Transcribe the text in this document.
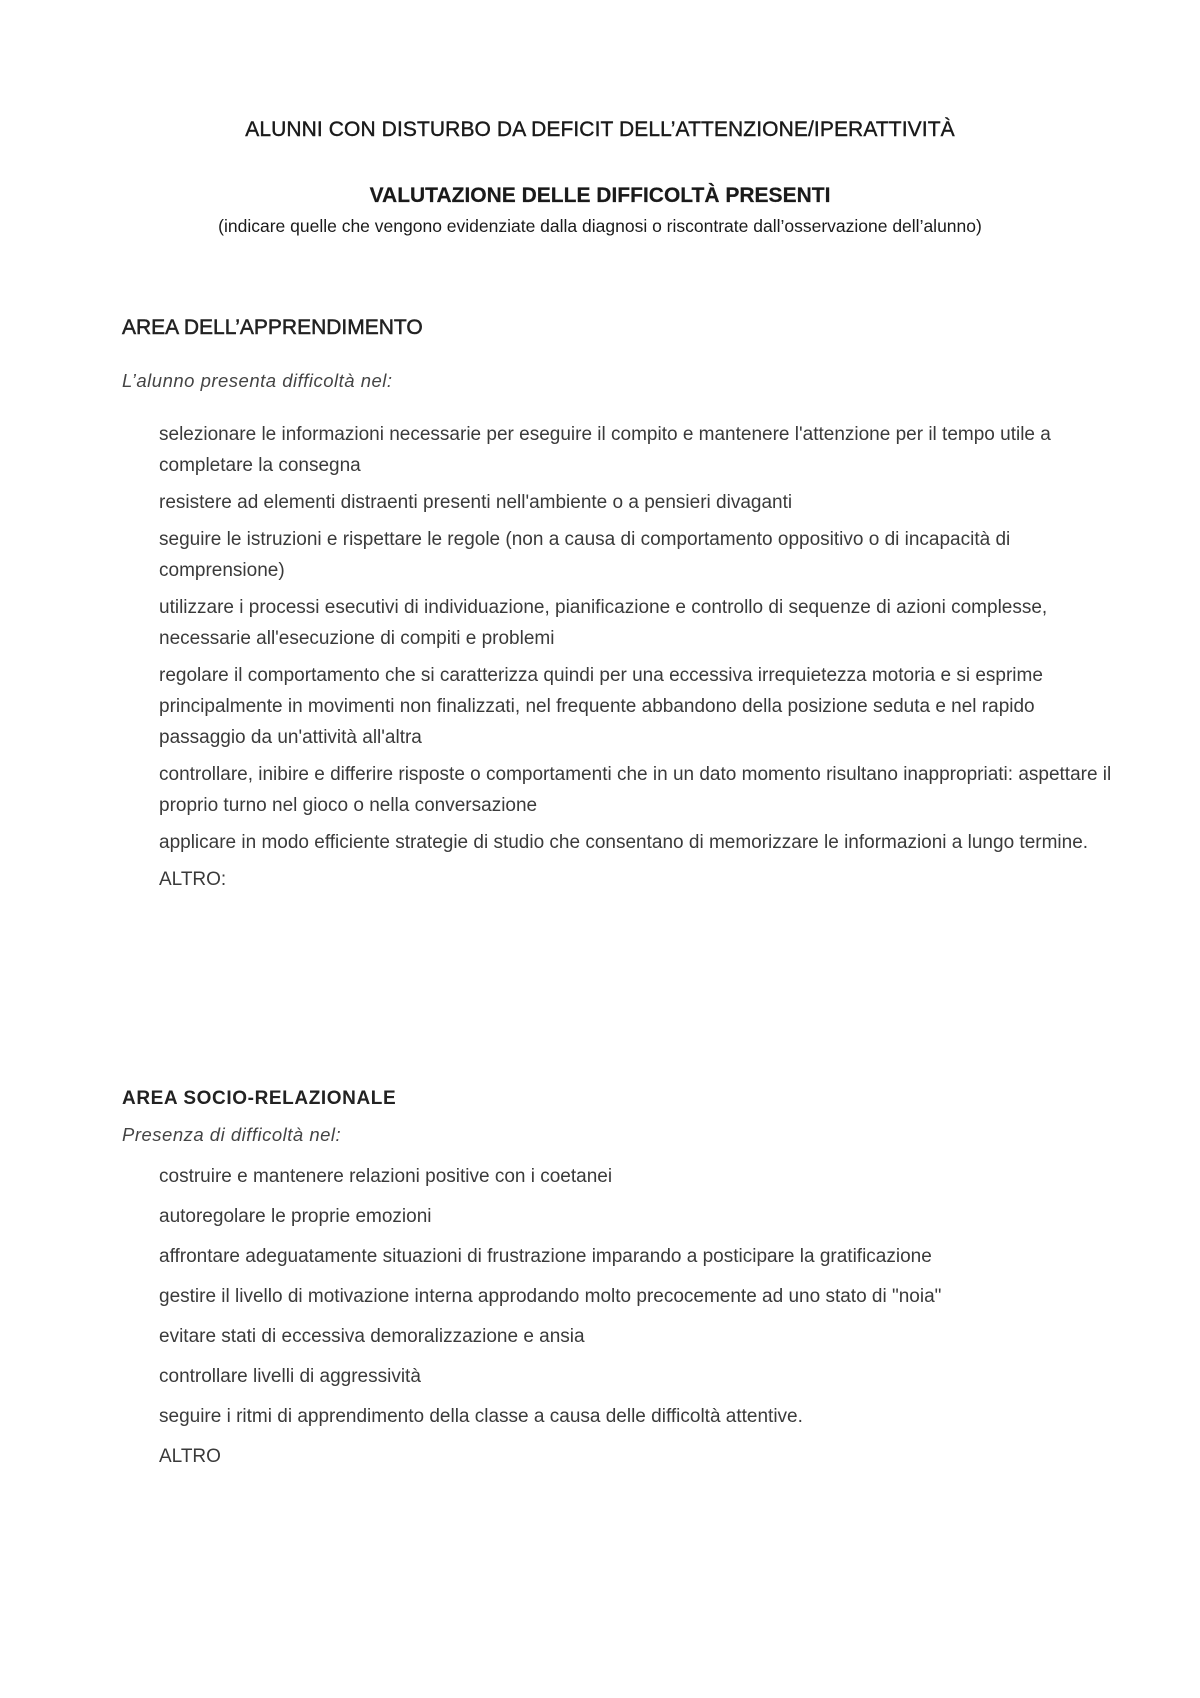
ALUNNI CON DISTURBO DA DEFICIT DELL’ATTENZIONE/IPERATTIVITÀ
VALUTAZIONE DELLE DIFFICOLTÀ PRESENTI

(indicare quelle che vengono evidenziate dalla diagnosi o riscontrate dall’osservazione dell’alunno)

AREA DELL’APPRENDIMENTO

L’alunno presenta difficoltà nel:

selezionare le informazioni necessarie per eseguire il compito e mantenere l'attenzione per il tempo utile a completare la consegna
resistere ad elementi distraenti presenti nell'ambiente o a pensieri divaganti
seguire le istruzioni e rispettare le regole (non a causa di comportamento oppositivo o di incapacità di comprensione)
utilizzare i processi esecutivi di individuazione, pianificazione e controllo di sequenze di azioni complesse, necessarie all'esecuzione di compiti e problemi
regolare il comportamento che si caratterizza quindi per una eccessiva irrequietezza motoria e si esprime principalmente in movimenti non finalizzati, nel frequente abbandono della posizione seduta e nel rapido passaggio da un'attività all'altra
controllare, inibire e differire risposte o comportamenti che in un dato momento risultano inappropriati: aspettare il proprio turno nel gioco o nella conversazione
applicare in modo efficiente strategie di studio che consentano di memorizzare le informazioni a lungo termine.
ALTRO:
AREA SOCIO-RELAZIONALE

Presenza di difficoltà nel:

costruire e mantenere relazioni positive con i coetanei
autoregolare le proprie emozioni
affrontare adeguatamente situazioni di frustrazione imparando a posticipare la gratificazione
gestire il livello di motivazione interna approdando molto precocemente ad uno stato di "noia"
evitare stati di eccessiva demoralizzazione e ansia
controllare livelli di aggressività
seguire i ritmi di apprendimento della classe a causa delle difficoltà attentive.
ALTRO
